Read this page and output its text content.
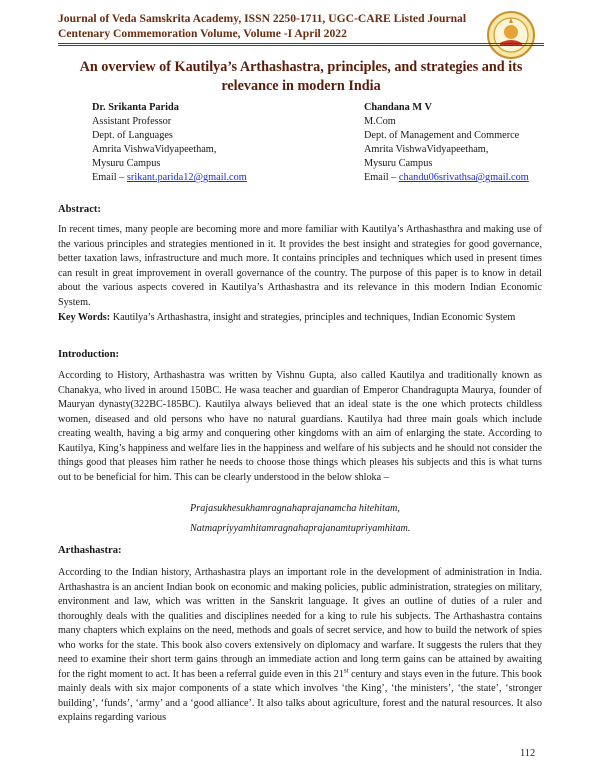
Journal of Veda Samskrita Academy, ISSN 2250-1711, UGC-CARE Listed Journal
Centenary Commemoration Volume, Volume -I April 2022
An overview of Kautilya’s Arthashastra, principles, and strategies and its relevance in modern India
Dr. Srikanta Parida
Assistant Professor
Dept. of Languages
Amrita VishwaVidyapeetham,
Mysuru Campus
Email – srikant.parida12@gmail.com
Chandana M V
M.Com
Dept. of Management and Commerce
Amrita VishwaVidyapeetham,
Mysuru Campus
Email – chandu06srivathsa@gmail.com
Abstract:

In recent times, many people are becoming more and more familiar with Kautilya’s Arthashasthra and making use of the various principles and strategies mentioned in it. It provides the best insight and strategies for good governance, better taxation laws, infrastructure and much more. It contains principles and techniques which used in present times can result in great improvement in overall governance of the country. The purpose of this paper is to know in detail about the various aspects covered in Kautilya’s Arthashastra and its relevance in this modern Indian Economic System.

Key Words: Kautilya’s Arthashastra, insight and strategies, principles and techniques, Indian Economic System

Introduction:

According to History, Arthashastra was written by Vishnu Gupta, also called Kautilya and traditionally known as Chanakya, who lived in around 150BC. He wasa teacher and guardian of Emperor Chandragupta Maurya, founder of Mauryan dynasty(322BC-185BC). Kautilya always believed that an ideal state is the one which protects childless women, diseased and old persons who have no natural guardians. Kautilya had three main goals which include creating wealth, having a big army and conquering other kingdoms with an aim of enlarging the state. According to Kautilya, King’s happiness and welfare lies in the happiness and welfare of his subjects and he should not consider the things good that pleases him rather he needs to choose those things which pleases his subjects and this is what turns out to be beneficial for him. This can be clearly understood in the below shloka –

Prajasukhesukhamragnahaprajanamcha hitehitam,
Natmapriyyamhitamragnahaprajanamtupriyamhitam.
Arthashastra:

According to the Indian history, Arthashastra plays an important role in the development of administration in India. Arthashastra is an ancient Indian book on economic and making policies, public administration, strategies on military, environment and law, which was written in the Sanskrit language. It gives an outline of duties of a ruler and thoroughly deals with the qualities and disciplines needed for a king to rule his subjects. The Arthashastra contains many chapters which explains on the need, methods and goals of secret service, and how to build the network of spies who works for the state. This book also covers extensively on diplomacy and warfare. It suggests the rulers that they need to examine their short term gains through an immediate action and long term gains can be attained by awaiting for the right moment to act. It has been a referral guide even in this 21st century and stays even in the future. This book mainly deals with six major components of a state which involves ‘the King’, ‘the ministers’, ‘the state’, ‘stronger building’, ‘funds’, ‘army’ and a ‘good alliance’. It also talks about agriculture, forest and the natural resources. It also explains regarding various

112
